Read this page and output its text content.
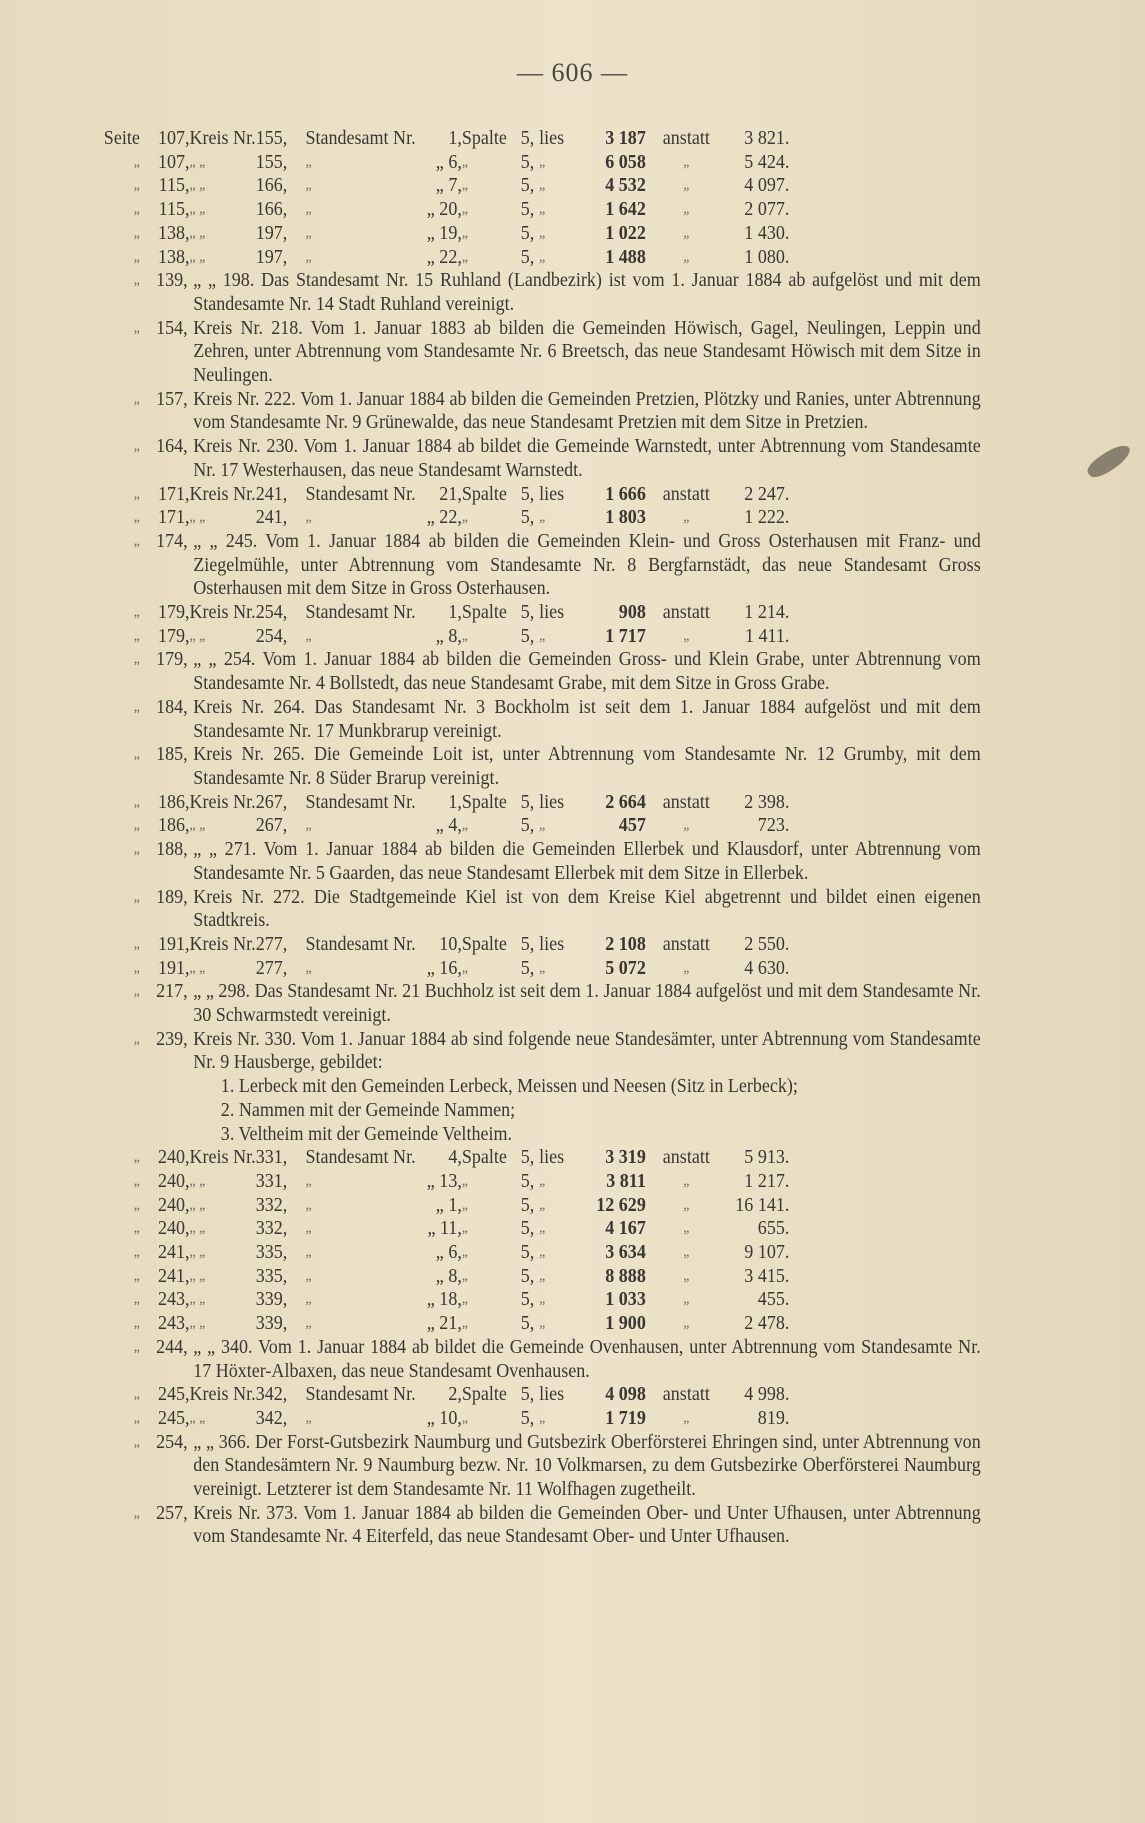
— 606 —
Seite 107, Kreis Nr. 155, Standesamt Nr.	1, Spalte 5, lies	3 187 anstatt	3 821.
„ 107, „ „	155,	„	„ 6, „	5, „	6 058	„	5 424.
„ 115, „ „	166,	„	„ 7, „	5, „	4 532	„	4 097.
„ 115, „ „	166,	„	„ 20, „	5, „	1 642	„	2 077.
„ 138, „ „	197,	„	„ 19, „	5, „	1 022	„	1 430.
„ 138, „ „	197,	„	„ 22, „	5, „	1 488	„	1 080.
„ 139, „ „ 198. Das Standesamt Nr. 15 Ruhland (Landbezirk) ist vom 1. Januar 1884 ab aufgelöst und mit dem Standesamte Nr. 14 Stadt Ruhland vereinigt.
„ 154, Kreis Nr. 218. Vom 1. Januar 1883 ab bilden die Gemeinden Höwisch, Gagel, Neulingen, Leppin und Zehren, unter Abtrennung vom Standesamte Nr. 6 Breetsch, das neue Standesamt Höwisch mit dem Sitze in Neulingen.
„ 157, Kreis Nr. 222. Vom 1. Januar 1884 ab bilden die Gemeinden Pretzien, Plötzky und Ranies, unter Abtrennung vom Standesamte Nr. 9 Grünewalde, das neue Standesamt Pretzien mit dem Sitze in Pretzien.
„ 164, Kreis Nr. 230. Vom 1. Januar 1884 ab bildet die Gemeinde Warnstedt, unter Abtrennung vom Standesamte Nr. 17 Westerhausen, das neue Standesamt Warnstedt.
„ 171, Kreis Nr. 241, Standesamt Nr.	21, Spalte 5, lies	1 666 anstatt	2 247.
„ 171, „ „	241,	„	„ 22, „	5, „	1 803	„	1 222.
„ 174, „ „ 245. Vom 1. Januar 1884 ab bilden die Gemeinden Klein- und Gross Osterhausen mit Franz- und Ziegelmühle, unter Abtrennung vom Standesamte Nr. 8 Bergfarnstädt, das neue Standesamt Gross Osterhausen mit dem Sitze in Gross Osterhausen.
„ 179, Kreis Nr. 254, Standesamt Nr.	1, Spalte 5, lies	908 anstatt	1 214.
„ 179, „ „	254,	„	„ 8, „	5, „	1 717	„	1 411.
„ 179, „ „ 254. Vom 1. Januar 1884 ab bilden die Gemeinden Gross- und Klein Grabe, unter Abtrennung vom Standesamte Nr. 4 Bollstedt, das neue Standesamt Grabe, mit dem Sitze in Gross Grabe.
„ 184, Kreis Nr. 264. Das Standesamt Nr. 3 Bockholm ist seit dem 1. Januar 1884 aufgelöst und mit dem Standesamte Nr. 17 Munkbrarup vereinigt.
„ 185, Kreis Nr. 265. Die Gemeinde Loit ist, unter Abtrennung vom Standesamte Nr. 12 Grumby, mit dem Standesamte Nr. 8 Süder Brarup vereinigt.
„ 186, Kreis Nr. 267, Standesamt Nr.	1, Spalte 5, lies	2 664 anstatt	2 398.
„ 186, „ „	267,	„	„ 4, „	5, „	457	„	723.
„ 188, „ „ 271. Vom 1. Januar 1884 ab bilden die Gemeinden Ellerbek und Klausdorf, unter Abtrennung vom Standesamte Nr. 5 Gaarden, das neue Standesamt Ellerbek mit dem Sitze in Ellerbek.
„ 189, Kreis Nr. 272. Die Stadtgemeinde Kiel ist von dem Kreise Kiel abgetrennt und bildet einen eigenen Stadtkreis.
„ 191, Kreis Nr. 277, Standesamt Nr.	10, Spalte 5, lies	2 108 anstatt	2 550.
„ 191, „ „	277,	„	„ 16, „	5, „	5 072	„	4 630.
„ 217, „ „ 298. Das Standesamt Nr. 21 Buchholz ist seit dem 1. Januar 1884 aufgelöst und mit dem Standesamte Nr. 30 Schwarmstedt vereinigt.
„ 239, Kreis Nr. 330. Vom 1. Januar 1884 ab sind folgende neue Standesämter, unter Abtrennung vom Standesamte Nr. 9 Hausberge, gebildet:
1. Lerbeck mit den Gemeinden Lerbeck, Meissen und Neesen (Sitz in Lerbeck);
2. Nammen mit der Gemeinde Nammen;
3. Veltheim mit der Gemeinde Veltheim.
„ 240, Kreis Nr. 331, Standesamt Nr.	4, Spalte 5, lies	3 319 anstatt	5 913.
„ 240, „ „	331,	„	„ 13, „	5, „	3 811	„	1 217.
„ 240, „ „	332,	„	„ 1, „	5, „	12 629	„	16 141.
„ 240, „ „	332,	„	„ 11, „	5, „	4 167	„	655.
„ 241, „ „	335,	„	„ 6, „	5, „	3 634	„	9 107.
„ 241, „ „	335,	„	„ 8, „	5, „	8 888	„	3 415.
„ 243, „ „	339,	„	„ 18, „	5, „	1 033	„	455.
„ 243, „ „	339,	„	„ 21, „	5, „	1 900	„	2 478.
„ 244, „ „ 340. Vom 1. Januar 1884 ab bildet die Gemeinde Ovenhausen, unter Abtrennung vom Standesamte Nr. 17 Höxter-Albaxen, das neue Standesamt Ovenhausen.
„ 245, Kreis Nr. 342, Standesamt Nr.	2, Spalte 5, lies	4 098 anstatt	4 998.
„ 245, „ „	342,	„	„ 10, „	5, „	1 719	„	819.
„ 254, „ „ 366. Der Forst-Gutsbezirk Naumburg und Gutsbezirk Oberförsterei Ehringen sind, unter Abtrennung von den Standesämtern Nr. 9 Naumburg bezw. Nr. 10 Volkmarsen, zu dem Gutsbezirke Oberförsterei Naumburg vereinigt. Letzterer ist dem Standesamte Nr. 11 Wolfhagen zugetheilt.
„ 257, Kreis Nr. 373. Vom 1. Januar 1884 ab bilden die Gemeinden Ober- und Unter Ufhausen, unter Abtrennung vom Standesamte Nr. 4 Eiterfeld, das neue Standesamt Ober- und Unter Ufhausen.
